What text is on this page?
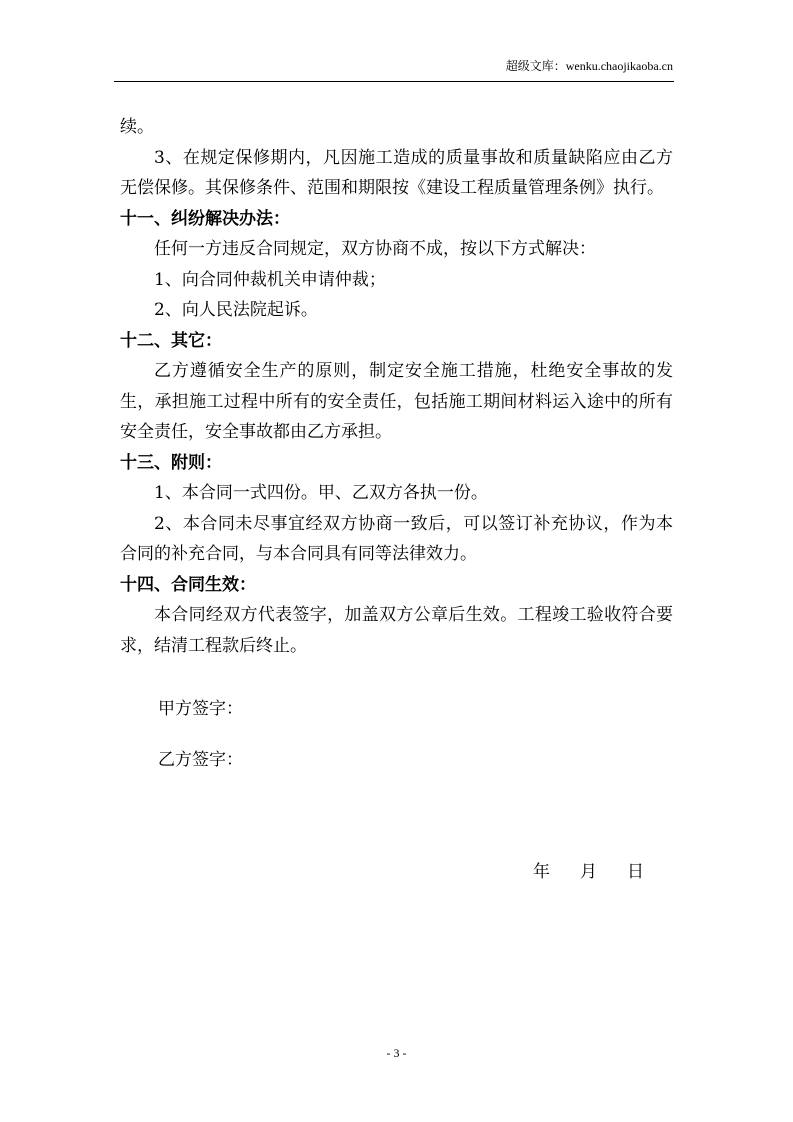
超级文库：wenku.chaojikaoba.cn

续。

3、在规定保修期内，凡因施工造成的质量事故和质量缺陷应由乙方无偿保修。其保修条件、范围和期限按《建设工程质量管理条例》执行。

十一、纠纷解决办法：

任何一方违反合同规定，双方协商不成，按以下方式解决：

1、向合同仲裁机关申请仲裁；

2、向人民法院起诉。

十二、其它：

乙方遵循安全生产的原则，制定安全施工措施，杜绝安全事故的发生，承担施工过程中所有的安全责任，包括施工期间材料运入途中的所有安全责任，安全事故都由乙方承担。

十三、附则：

1、本合同一式四份。甲、乙双方各执一份。

2、本合同未尽事宜经双方协商一致后，可以签订补充协议，作为本合同的补充合同，与本合同具有同等法律效力。

十四、合同生效：

本合同经双方代表签字，加盖双方公章后生效。工程竣工验收符合要求，结清工程款后终止。

甲方签字：
乙方签字：
年 月 日
- 3 -
